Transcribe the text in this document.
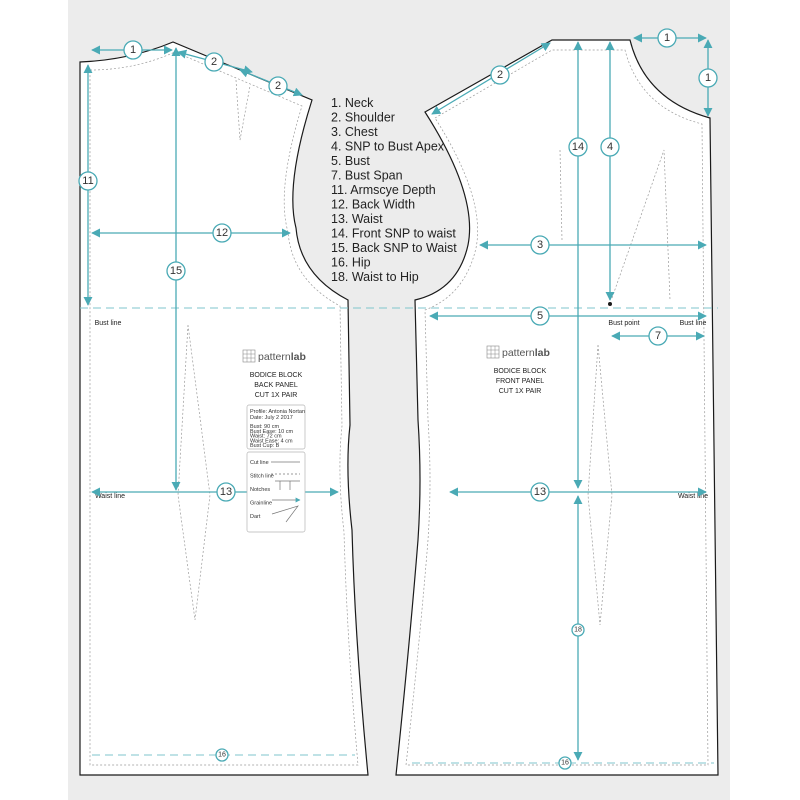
Bust line	Bust line
Bust point
Waist line	Waist line
1
2
2
11
12
15
13
16
1
1
2
14 4
3
5
7
13
18
16
patternlab
BODICE BLOCK
BACK PANEL
CUT 1X PAIR
Profile: Antonia Nortan
Date: July 2 2017
Bust: 90 cm
Bust Ease: 10 cm
Waist: 72 cm
Waist Ease: 4 cm
Bust Cup: B
Cut line
Stitch line
Notches
Grainline
Dart
patternlab
BODICE BLOCK
FRONT PANEL
CUT 1X PAIR
1. Neck
2. Shoulder
3. Chest
4. SNP to Bust Apex
5. Bust
7. Bust Span
11. Armscye Depth
12. Back Width
13. Waist
14. Front SNP to waist
15. Back SNP to Waist
16. Hip
18. Waist to Hip
